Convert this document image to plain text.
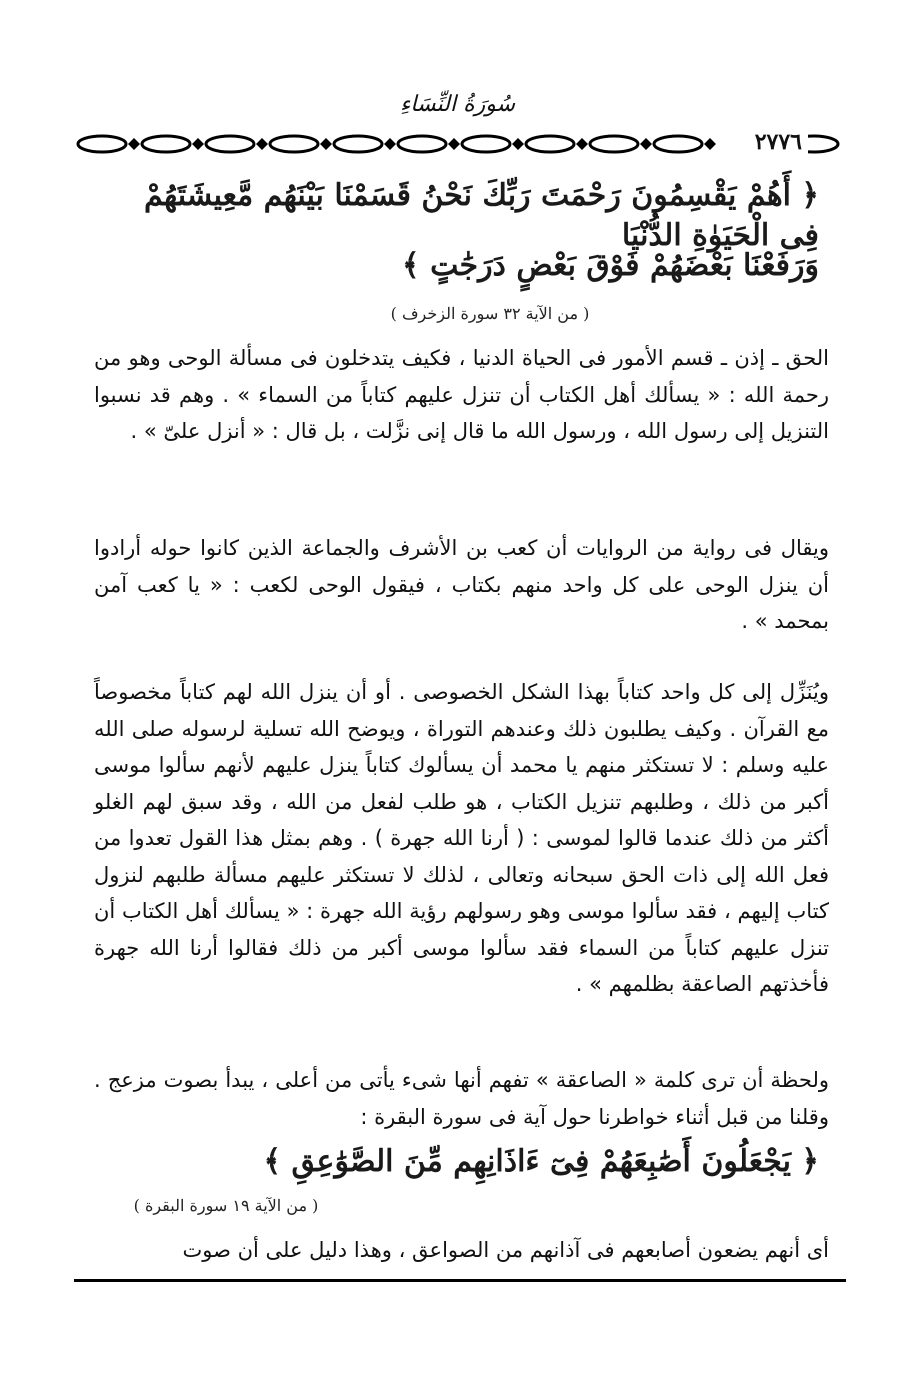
سُورَةُ النِّسَاءِ
٢٧٧٦
﴿ أَهُمْ يَقْسِمُونَ رَحْمَتَ رَبِّكَ نَحْنُ قَسَمْنَا بَيْنَهُم مَّعِيشَتَهُمْ فِى الْحَيَوٰةِ الدُّنْيَا
وَرَفَعْنَا بَعْضَهُمْ فَوْقَ بَعْضٍ دَرَجَٰتٍ ﴾
( من الآية ٣٢ سورة الزخرف )
الحق ـ إذن ـ قسم الأمور فى الحياة الدنيا ، فكيف يتدخلون فى مسألة الوحى وهو من رحمة الله : « يسألك أهل الكتاب أن تنزل عليهم كتاباً من السماء » . وهم قد نسبوا التنزيل إلى رسول الله ، ورسول الله ما قال إنى نزَّلت ، بل قال : « أنزل علىّ » .
ويقال فى رواية من الروايات أن كعب بن الأشرف والجماعة الذين كانوا حوله أرادوا أن ينزل الوحى على كل واحد منهم بكتاب ، فيقول الوحى لكعب : « يا كعب آمن بمحمد » .
ويُنَزِّل إلى كل واحد كتاباً بهذا الشكل الخصوصى . أو أن ينزل الله لهم كتاباً مخصوصاً مع القرآن . وكيف يطلبون ذلك وعندهم التوراة ، ويوضح الله تسلية لرسوله صلى الله عليه وسلم : لا تستكثر منهم يا محمد أن يسألوك كتاباً ينزل عليهم لأنهم سألوا موسى أكبر من ذلك ، وطلبهم تنزيل الكتاب ، هو طلب لفعل من الله ، وقد سبق لهم الغلو أكثر من ذلك عندما قالوا لموسى : ( أرنا الله جهرة ) . وهم بمثل هذا القول تعدوا من فعل الله إلى ذات الحق سبحانه وتعالى ، لذلك لا تستكثر عليهم مسألة طلبهم لنزول كتاب إليهم ، فقد سألوا موسى وهو رسولهم رؤية الله جهرة : « يسألك أهل الكتاب أن تنزل عليهم كتاباً من السماء فقد سألوا موسى أكبر من ذلك فقالوا أرنا الله جهرة فأخذتهم الصاعقة بظلمهم » .
ولحظة أن ترى كلمة « الصاعقة » تفهم أنها شىء يأتى من أعلى ، يبدأ بصوت مزعج . وقلنا من قبل أثناء خواطرنا حول آية فى سورة البقرة :
﴿ يَجْعَلُونَ أَصَٰبِعَهُمْ فِىٓ ءَاذَانِهِم مِّنَ الصَّوَٰعِقِ ﴾
( من الآية ١٩ سورة البقرة )
أى أنهم يضعون أصابعهم فى آذانهم من الصواعق ، وهذا دليل على أن صوت
